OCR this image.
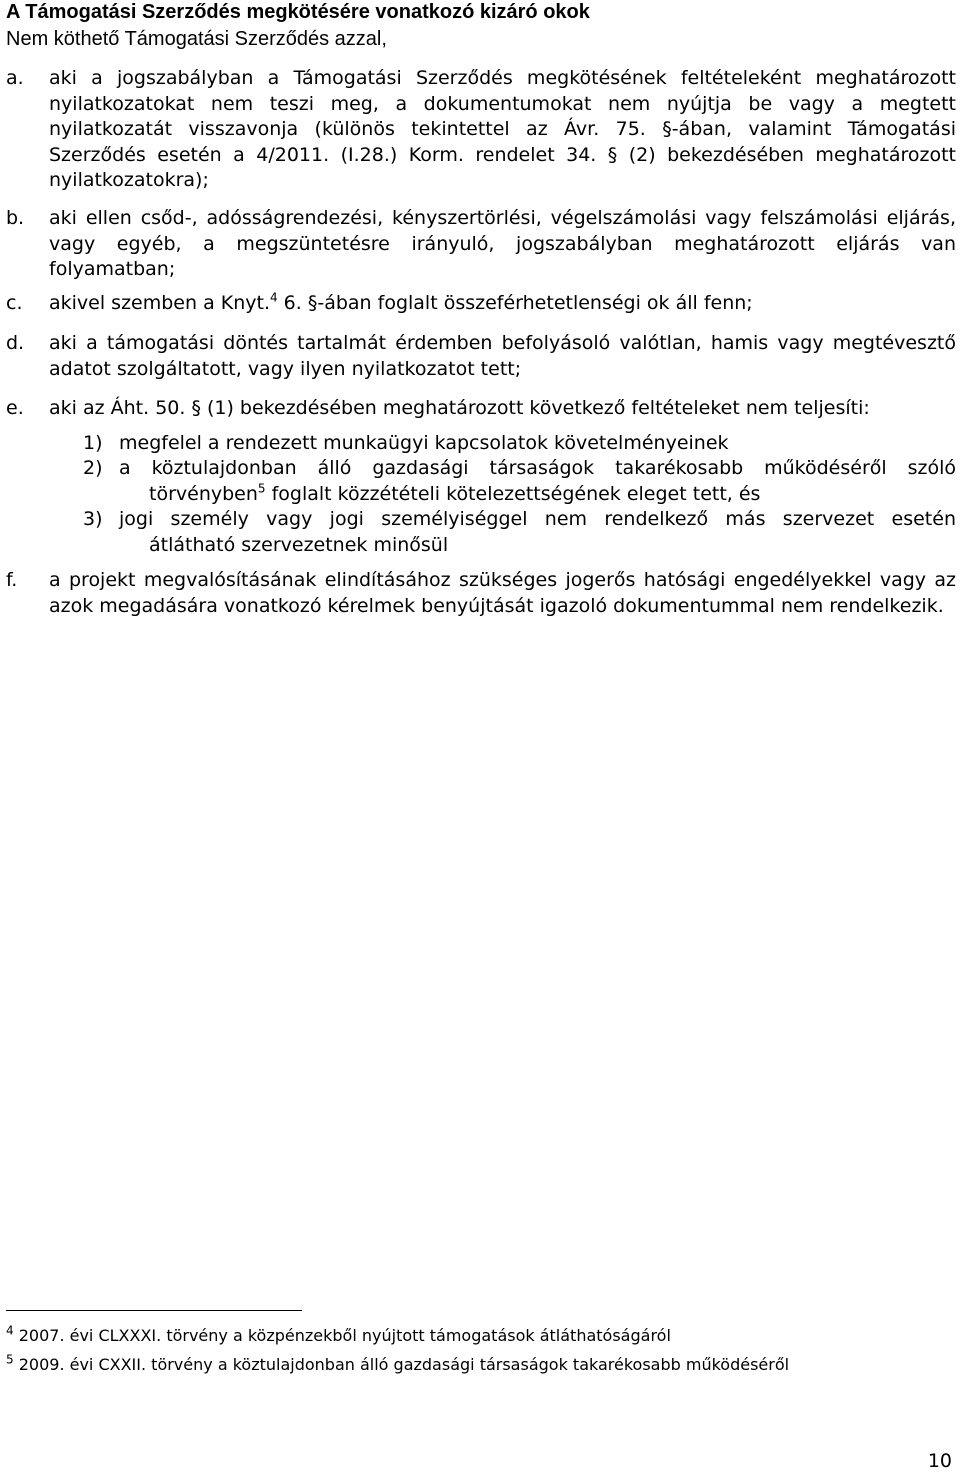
A Támogatási Szerződés megkötésére vonatkozó kizáró okok
Nem köthető Támogatási Szerződés azzal,
a. aki a jogszabályban a Támogatási Szerződés megkötésének feltételeként meghatározott nyilatkozatokat nem teszi meg, a dokumentumokat nem nyújtja be vagy a megtett nyilatkozatát visszavonja (különös tekintettel az Ávr. 75. §-ában, valamint Támogatási Szerződés esetén a 4/2011. (I.28.) Korm. rendelet 34. § (2) bekezdésében meghatározott nyilatkozatokra);
b. aki ellen csőd-, adósságrendezési, kényszertörlési, végelszámolási vagy felszámolási eljárás, vagy egyéb, a megszüntetésre irányuló, jogszabályban meghatározott eljárás van folyamatban;
c. akivel szemben a Knyt.$^4$ 6. §-ában foglalt összeférhetetlenségi ok áll fenn;
d. aki a támogatási döntés tartalmát érdemben befolyásoló valótlan, hamis vagy megtévesztő adatot szolgáltatott, vagy ilyen nyilatkozatot tett;
e. aki az Áht. 50. § (1) bekezdésében meghatározott következő feltételeket nem teljesíti:
1) megfelel a rendezett munkaügyi kapcsolatok követelményeinek
2) a köztulajdonban álló gazdasági társaságok takarékosabb működéséről szóló
törvényben$^5$ foglalt közzétételi kötelezettségének eleget tett, és
3) jogi személy vagy jogi személyiséggel nem rendelkező más szervezet esetén
átlátható szervezetnek minősül
f. a projekt megvalósításának elindításához szükséges jogerős hatósági engedélyekkel vagy az azok megadására vonatkozó kérelmek benyújtását igazoló dokumentummal nem rendelkezik.
$^4$ 2007. évi CLXXXI. törvény a közpénzekből nyújtott támogatások átláthatóságáról
$^5$ 2009. évi CXXII. törvény a köztulajdonban álló gazdasági társaságok takarékosabb működéséről
10
